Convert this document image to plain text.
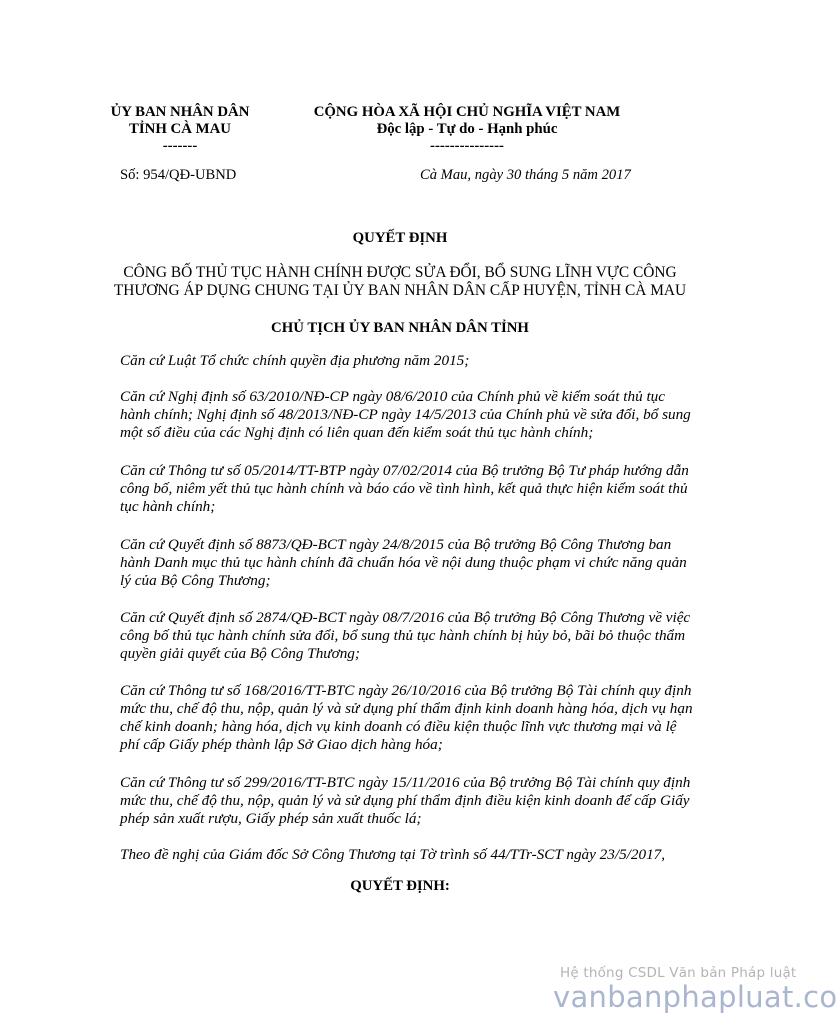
ỦY BAN NHÂN DÂN
TỈNH CÀ MAU
-------
CỘNG HÒA XÃ HỘI CHỦ NGHĨA VIỆT NAM
Độc lập - Tự do - Hạnh phúc
---------------
Số: 954/QĐ-UBND	Cà Mau, ngày 30 tháng 5 năm 2017
QUYẾT ĐỊNH
CÔNG BỐ THỦ TỤC HÀNH CHÍNH ĐƯỢC SỬA ĐỔI, BỔ SUNG LĨNH VỰC CÔNG THƯƠNG ÁP DỤNG CHUNG TẠI ỦY BAN NHÂN DÂN CẤP HUYỆN, TỈNH CÀ MAU
CHỦ TỊCH ỦY BAN NHÂN DÂN TỈNH
Căn cứ Luật Tổ chức chính quyền địa phương năm 2015;
Căn cứ Nghị định số 63/2010/NĐ-CP ngày 08/6/2010 của Chính phủ về kiểm soát thủ tục hành chính; Nghị định số 48/2013/NĐ-CP ngày 14/5/2013 của Chính phủ về sửa đổi, bổ sung một số điều của các Nghị định có liên quan đến kiểm soát thủ tục hành chính;
Căn cứ Thông tư số 05/2014/TT-BTP ngày 07/02/2014 của Bộ trưởng Bộ Tư pháp hướng dẫn công bố, niêm yết thủ tục hành chính và báo cáo về tình hình, kết quả thực hiện kiểm soát thủ tục hành chính;
Căn cứ Quyết định số 8873/QĐ-BCT ngày 24/8/2015 của Bộ trưởng Bộ Công Thương ban hành Danh mục thủ tục hành chính đã chuẩn hóa về nội dung thuộc phạm vi chức năng quản lý của Bộ Công Thương;
Căn cứ Quyết định số 2874/QĐ-BCT ngày 08/7/2016 của Bộ trưởng Bộ Công Thương về việc công bố thủ tục hành chính sửa đổi, bổ sung thủ tục hành chính bị hủy bỏ, bãi bỏ thuộc thẩm quyền giải quyết của Bộ Công Thương;
Căn cứ Thông tư số 168/2016/TT-BTC ngày 26/10/2016 của Bộ trưởng Bộ Tài chính quy định mức thu, chế độ thu, nộp, quản lý và sử dụng phí thẩm định kinh doanh hàng hóa, dịch vụ hạn chế kinh doanh; hàng hóa, dịch vụ kinh doanh có điều kiện thuộc lĩnh vực thương mại và lệ phí cấp Giấy phép thành lập Sở Giao dịch hàng hóa;
Căn cứ Thông tư số 299/2016/TT-BTC ngày 15/11/2016 của Bộ trưởng Bộ Tài chính quy định mức thu, chế độ thu, nộp, quản lý và sử dụng phí thẩm định điều kiện kinh doanh để cấp Giấy phép sản xuất rượu, Giấy phép sản xuất thuốc lá;
Theo đề nghị của Giám đốc Sở Công Thương tại Tờ trình số 44/TTr-SCT ngày 23/5/2017,
QUYẾT ĐỊNH:
Hệ thống CSDL Văn bản Pháp luật
vanbanphapluat.co
